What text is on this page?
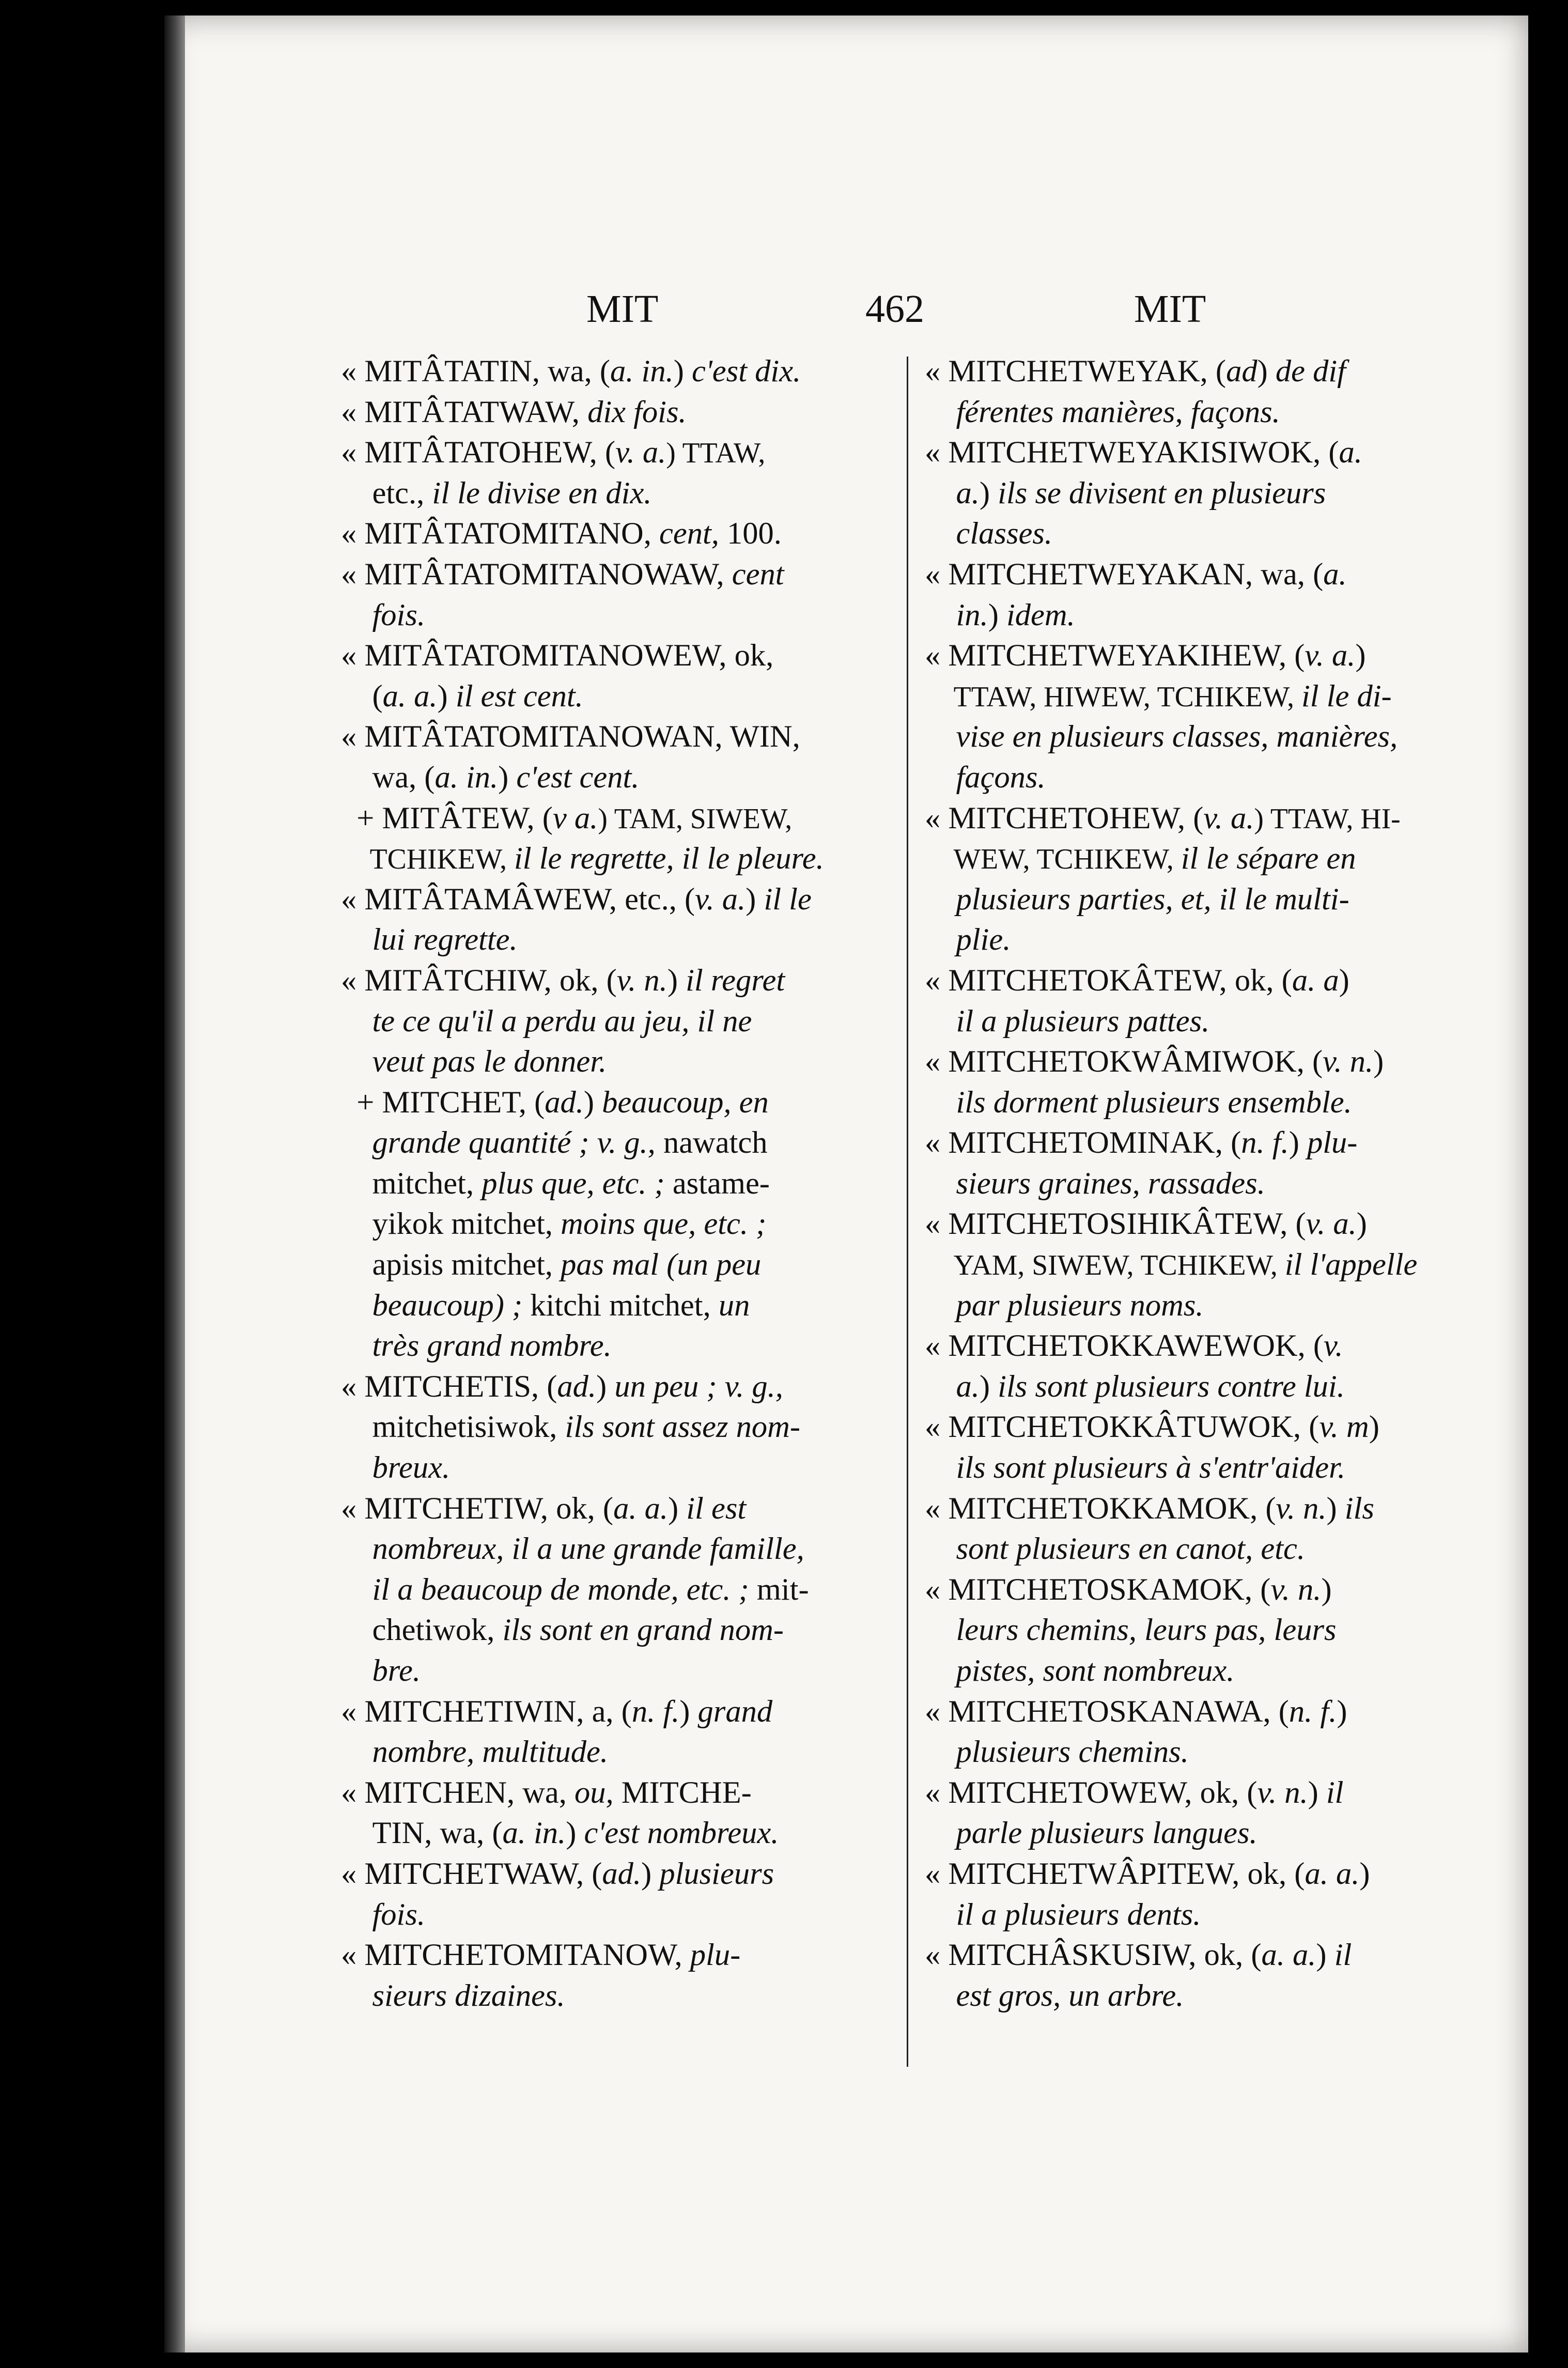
MIT	462	MIT
« MITÂTATIN, wa, (a. in.) c'est dix.
« MITÂTATWAW, dix fois.
« MITÂTATOHEW, (v. a.) TTAW,
etc., il le divise en dix.
« MITÂTATOMITANO, cent, 100.
« MITÂTATOMITANOWAW, cent
fois.
« MITÂTATOMITANOWEW, ok,
(a. a.) il est cent.
« MITÂTATOMITANOWAN, WIN,
wa, (a. in.) c'est cent.
+ MITÂTEW, (v a.) TAM, SIWEW,
TCHIKEW, il le regrette, il le pleure.
« MITÂTAMÂWEW, etc., (v. a.) il le
lui regrette.
« MITÂTCHIW, ok, (v. n.) il regret
te ce qu'il a perdu au jeu, il ne
veut pas le donner.
+ MITCHET, (ad.) beaucoup, en
grande quantité ; v. g., nawatch
mitchet, plus que, etc. ; astame-
yikok mitchet, moins que, etc. ;
apisis mitchet, pas mal (un peu
beaucoup) ; kitchi mitchet, un
très grand nombre.
« MITCHETIS, (ad.) un peu ; v. g.,
mitchetisiwok, ils sont assez nom-
breux.
« MITCHETIW, ok, (a. a.) il est
nombreux, il a une grande famille,
il a beaucoup de monde, etc. ; mit-
chetiwok, ils sont en grand nom-
bre.
« MITCHETIWIN, a, (n. f.) grand
nombre, multitude.
« MITCHEN, wa, ou, MITCHE-
TIN, wa, (a. in.) c'est nombreux.
« MITCHETWAW, (ad.) plusieurs
fois.
« MITCHETOMITANOW, plu-
sieurs dizaines.
« MITCHETWEYAK, (ad) de dif
férentes manières, façons.
« MITCHETWEYAKISIWOK, (a.
a.) ils se divisent en plusieurs
classes.
« MITCHETWEYAKAN, wa, (a.
in.) idem.
« MITCHETWEYAKIHEW, (v. a.)
TTAW, HIWEW, TCHIKEW, il le di-
vise en plusieurs classes, manières,
façons.
« MITCHETOHEW, (v. a.) TTAW, HI-
WEW, TCHIKEW, il le sépare en
plusieurs parties, et, il le multi-
plie.
« MITCHETOKÂTEW, ok, (a. a)
il a plusieurs pattes.
« MITCHETOKWÂMIWOK, (v. n.)
ils dorment plusieurs ensemble.
« MITCHETOMINAK, (n. f.) plu-
sieurs graines, rassades.
« MITCHETOSIHIKÂTEW, (v. a.)
YAM, SIWEW, TCHIKEW, il l'appelle
par plusieurs noms.
« MITCHETOKKAWEWOK, (v.
a.) ils sont plusieurs contre lui.
« MITCHETOKKÂTUWOK, (v. m)
ils sont plusieurs à s'entr'aider.
« MITCHETOKKAMOK, (v. n.) ils
sont plusieurs en canot, etc.
« MITCHETOSKAMOK, (v. n.)
leurs chemins, leurs pas, leurs
pistes, sont nombreux.
« MITCHETOSKANAWA, (n. f.)
plusieurs chemins.
« MITCHETOWEW, ok, (v. n.) il
parle plusieurs langues.
« MITCHETWÂPITEW, ok, (a. a.)
il a plusieurs dents.
« MITCHÂSKUSIW, ok, (a. a.) il
est gros, un arbre.
